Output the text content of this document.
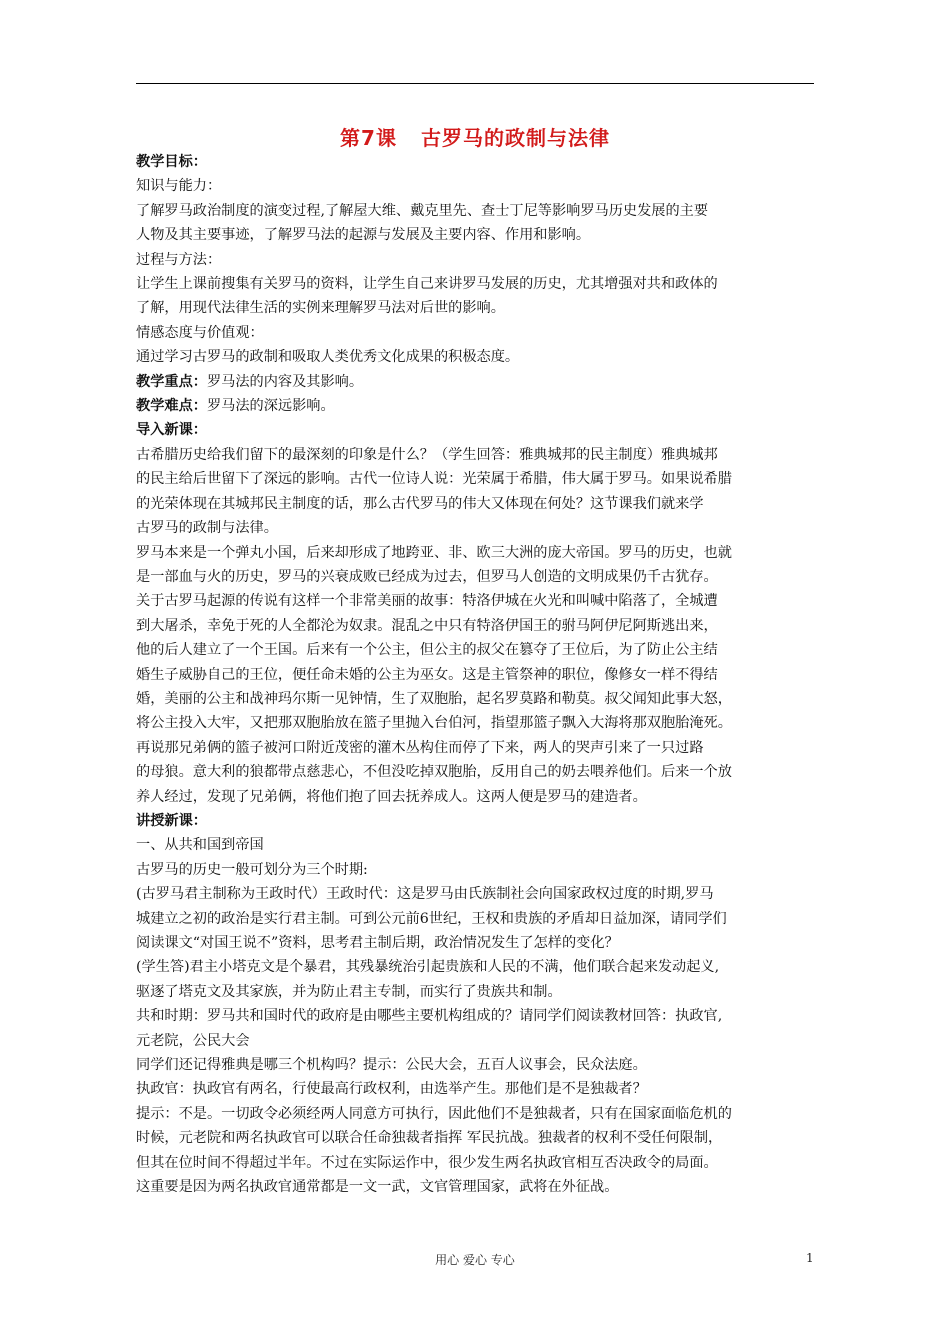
第7课 古罗马的政制与法律

教学目标：

知识与能力：

了解罗马政治制度的演变过程,了解屋大维、戴克里先、查士丁尼等影响罗马历史发展的主要

人物及其主要事迹，了解罗马法的起源与发展及主要内容、作用和影响。

过程与方法：

让学生上课前搜集有关罗马的资料，让学生自己来讲罗马发展的历史，尤其增强对共和政体的

了解，用现代法律生活的实例来理解罗马法对后世的影响。

情感态度与价值观：

通过学习古罗马的政制和吸取人类优秀文化成果的积极态度。

教学重点：罗马法的内容及其影响。

教学难点：罗马法的深远影响。

导入新课：

古希腊历史给我们留下的最深刻的印象是什么？（学生回答：雅典城邦的民主制度）雅典城邦

的民主给后世留下了深远的影响。古代一位诗人说：光荣属于希腊，伟大属于罗马。如果说希腊

的光荣体现在其城邦民主制度的话，那么古代罗马的伟大又体现在何处？这节课我们就来学

古罗马的政制与法律。

罗马本来是一个弹丸小国，后来却形成了地跨亚、非、欧三大洲的庞大帝国。罗马的历史，也就

是一部血与火的历史，罗马的兴衰成败已经成为过去，但罗马人创造的文明成果仍千古犹存。

关于古罗马起源的传说有这样一个非常美丽的故事：特洛伊城在火光和叫喊中陷落了，全城遭

到大屠杀，幸免于死的人全都沦为奴隶。混乱之中只有特洛伊国王的驸马阿伊尼阿斯逃出来，

他的后人建立了一个王国。后来有一个公主，但公主的叔父在篡夺了王位后，为了防止公主结

婚生子威胁自己的王位，便任命未婚的公主为巫女。这是主管祭神的职位，像修女一样不得结

婚，美丽的公主和战神玛尔斯一见钟情，生了双胞胎，起名罗莫路和勒莫。叔父闻知此事大怒，

将公主投入大牢，又把那双胞胎放在篮子里抛入台伯河，指望那篮子飘入大海将那双胞胎淹死。

再说那兄弟俩的篮子被河口附近茂密的灌木丛构住而停了下来，两人的哭声引来了一只过路

的母狼。意大利的狼都带点慈悲心，不但没吃掉双胞胎，反用自己的奶去喂养他们。后来一个放

养人经过，发现了兄弟俩，将他们抱了回去抚养成人。这两人便是罗马的建造者。

讲授新课：

一、从共和国到帝国

古罗马的历史一般可划分为三个时期:

(古罗马君主制称为王政时代）王政时代：这是罗马由氏族制社会向国家政权过度的时期,罗马

城建立之初的政治是实行君主制。可到公元前6世纪，王权和贵族的矛盾却日益加深，请同学们

阅读课文“对国王说不”资料，思考君主制后期，政治情况发生了怎样的变化？

(学生答)君主小塔克文是个暴君，其残暴统治引起贵族和人民的不满，他们联合起来发动起义,

驱逐了塔克文及其家族，并为防止君主专制，而实行了贵族共和制。

共和时期：罗马共和国时代的政府是由哪些主要机构组成的？请同学们阅读教材回答：执政官,

元老院，公民大会

同学们还记得雅典是哪三个机构吗？提示：公民大会，五百人议事会，民众法庭。

执政官：执政官有两名，行使最高行政权利，由选举产生。那他们是不是独裁者？

提示：不是。一切政令必须经两人同意方可执行，因此他们不是独裁者，只有在国家面临危机的

时候，元老院和两名执政官可以联合任命独裁者指挥 军民抗战。独裁者的权利不受任何限制，

但其在位时间不得超过半年。不过在实际运作中，很少发生两名执政官相互否决政令的局面。

这重要是因为两名执政官通常都是一文一武，文官管理国家，武将在外征战。

用心 爱心 专心	1
